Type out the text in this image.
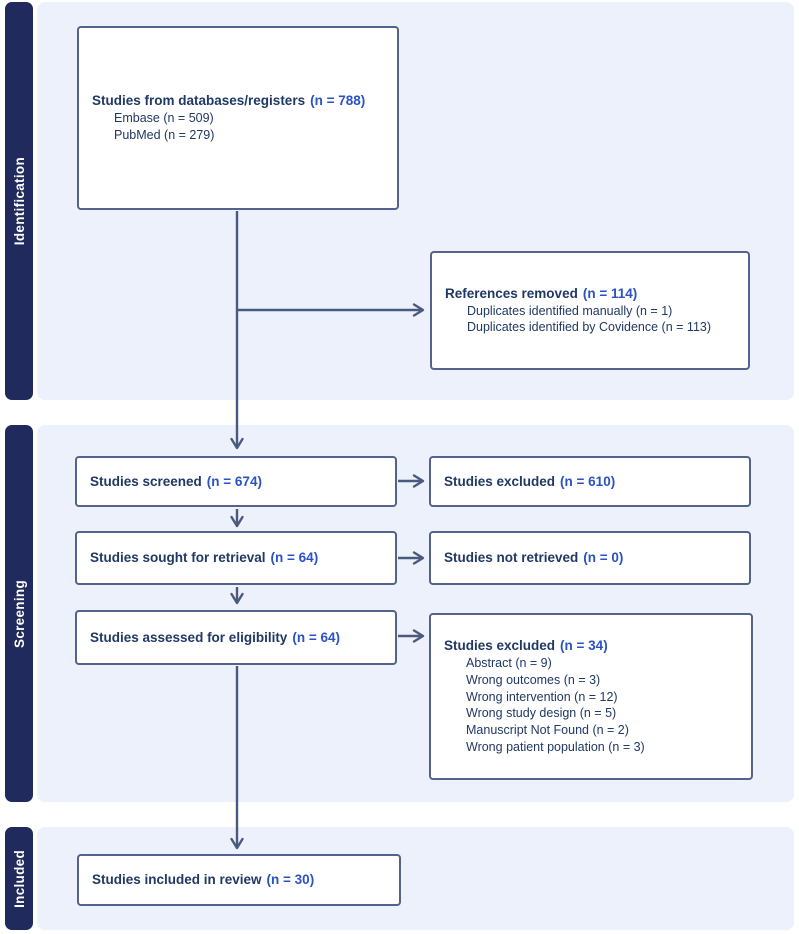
Identification
Screening
Included
Studies from databases/registers (n = 788)
Embase (n = 509)
PubMed (n = 279)
References removed (n = 114)
Duplicates identified manually (n = 1)
Duplicates identified by Covidence (n = 113)
Studies screened (n = 674)	Studies excluded (n = 610)
Studies sought for retrieval (n = 64)	Studies not retrieved (n = 0)
Studies assessed for eligibility (n = 64)
Studies excluded (n = 34)
Abstract (n = 9)
Wrong outcomes (n = 3)
Wrong intervention (n = 12)
Wrong study design (n = 5)
Manuscript Not Found (n = 2)
Wrong patient population (n = 3)
Studies included in review (n = 30)
